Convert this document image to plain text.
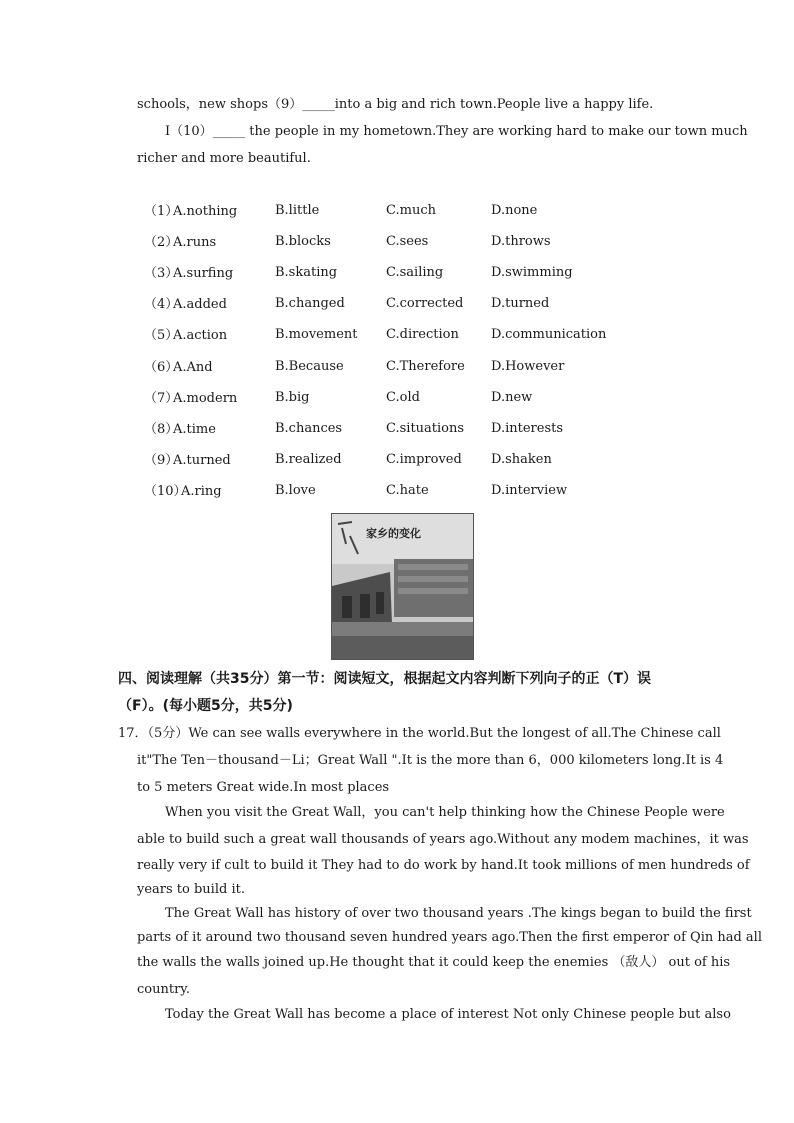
schools，new shops（9）_____into a big and rich town.People live a happy life.
I（10）_____ the people in my hometown.They are working hard to make our town much
richer and more beautiful.
（1）
A.nothing	B.little	C.much	D.none
（2）
A.runs	B.blocks	C.sees	D.throws
（3）
A.surfing	B.skating	C.sailing	D.swimming
（4）
A.added	B.changed	C.corrected D.turned
（5）
A.action	B.movement C.direction D.communication
（6）
A.And	B.Because	C.Therefore D.However
（7）
A.modern	B.big	C.old	D.new
（8）
A.time	B.chances	C.situations D.interests
（9）
A.turned	B.realized	C.improved D.shaken
（10）
A.ring	B.love	C.hate	D.interview
家乡的变化
四、阅读理解（共35分）第一节：阅读短文，根据起文内容判断下列向子的正（T）误
（F）。(每小题5分，共5分)
17．（5分）We can see walls everywhere in the world.But the longest of all.The Chinese call
it"The Ten－thousand－Li；Great Wall ".It is the more than 6，000 kilometers long.It is 4
to 5 meters Great wide.In most places
When you visit the Great Wall，you can't help thinking how the Chinese People were
able to build such a great wall thousands of years ago.Without any modem machines，it was
really very if cult to build it They had to do work by hand.It took millions of men hundreds of
years to build it.
The Great Wall has history of over two thousand years .The kings began to build the first
parts of it around two thousand seven hundred years ago.Then the first emperor of Qin had all
the walls the walls joined up.He thought that it could keep the enemies （敌人） out of his
country.
Today the Great Wall has become a place of interest Not only Chinese people but also
